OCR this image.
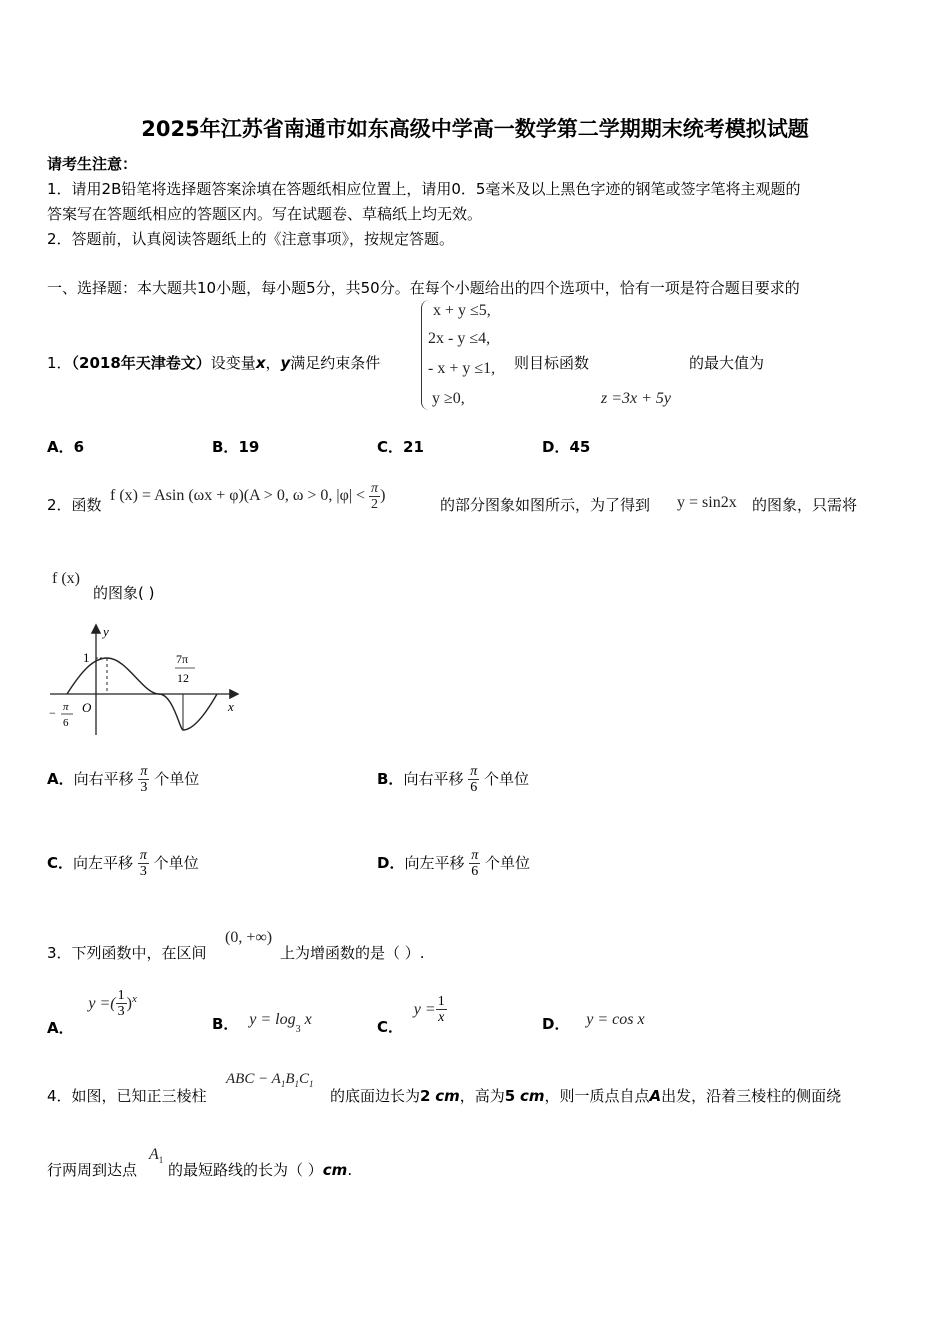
2025年江苏省南通市如东高级中学高一数学第二学期期末统考模拟试题
请考生注意：
1．请用2B铅笔将选择题答案涂填在答题纸相应位置上，请用0．5毫米及以上黑色字迹的钢笔或签字笔将主观题的
答案写在答题纸相应的答题区内。写在试题卷、草稿纸上均无效。
2．答题前，认真阅读答题纸上的《注意事项》，按规定答题。
一、选择题：本大题共10小题，每小题5分，共50分。在每个小题给出的四个选项中，恰有一项是符合题目要求的
x + y ≤5,
2x - y ≤4,
- x + y ≤1,
y ≥0,
1．（2018年天津卷文）设变量x，y满足约束条件	则目标函数	的最大值为
z =3x + 5y
A．6	B．19	C．21	D．45
2．函数
f (x) = Asin (ωx + φ)(A > 0, ω > 0, $|\varphi| < \frac{\pi}{2}$ )
的部分图象如图所示，为了得到 y = sin2x 的图象，只需将
f (x)
的图象( )
y
x
1
O
− π
6
7π
12
A．向右平移 $\frac{\pi}{3}$ 个单位	B．向右平移 $\frac{\pi}{6}$ 个单位
C．向左平移 $\frac{\pi}{3}$ 个单位	D．向左平移 $\frac{\pi}{6}$ 个单位
3．下列函数中，在区间
(0, +∞)
上为增函数的是（ ）.
A． y =( $\frac{1}{3} )^x$
B． $y = \log_3 x$	C． $y = \frac{1}{x}$	D． y = cos x
4．如图，已知正三棱柱
ABC − $A_1B_1C_1$
的底面边长为2 cm，高为5 cm，则一质点自点A出发，沿着三棱柱的侧面绕
行两周到达点
$A_1$
的最短路线的长为（ ）cm.
